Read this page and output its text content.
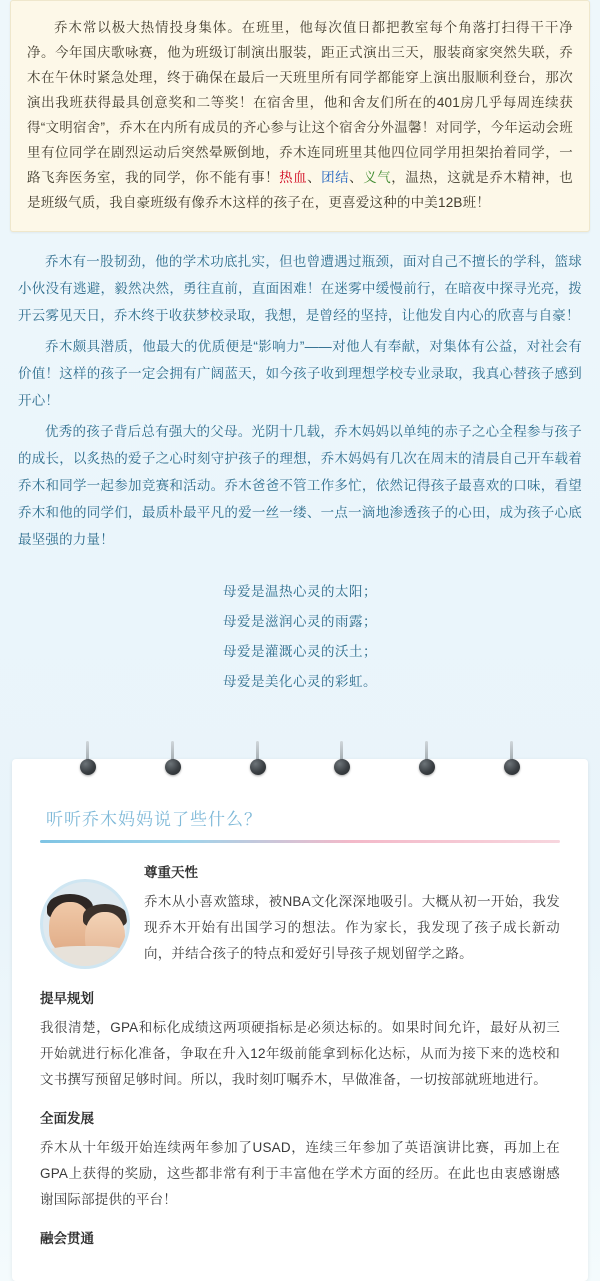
乔木常以极大热情投身集体。在班里，他每次值日都把教室每个角落打扫得干干净净。今年国庆歌咏赛，他为班级订制演出服装，距正式演出三天，服装商家突然失联，乔木在午休时紧急处理，终于确保在最后一天班里所有同学都能穿上演出服顺利登台，那次演出我班获得最具创意奖和二等奖！在宿舍里，他和舍友们所在的401房几乎每周连续获得“文明宿舍”，乔木在内所有成员的齐心参与让这个宿舍分外温馨！对同学，今年运动会班里有位同学在剧烈运动后突然晕厥倒地，乔木连同班里其他四位同学用担架抬着同学，一路飞奔医务室，我的同学，你不能有事！热血、团结、义气，温热，这就是乔木精神，也是班级气质，我自豪班级有像乔木这样的孩子在，更喜爱这种的中美12B班！

乔木有一股韧劲，他的学术功底扎实，但也曾遭遇过瓶颈，面对自己不擅长的学科，篮球小伙没有逃避，毅然决然，勇往直前，直面困难！在迷雾中缓慢前行，在暗夜中探寻光亮，拨开云雾见天日，乔木终于收获梦校录取，我想，是曾经的坚持，让他发自内心的欣喜与自豪！

乔木颇具潜质，他最大的优质便是“影响力”——对他人有奉献，对集体有公益，对社会有价值！这样的孩子一定会拥有广阔蓝天，如今孩子收到理想学校专业录取，我真心替孩子感到开心！

优秀的孩子背后总有强大的父母。光阴十几载，乔木妈妈以单纯的赤子之心全程参与孩子的成长，以炙热的爱子之心时刻守护孩子的理想，乔木妈妈有几次在周末的清晨自己开车载着乔木和同学一起参加竞赛和活动。乔木爸爸不管工作多忙，依然记得孩子最喜欢的口味，看望乔木和他的同学们，最质朴最平凡的爱一丝一缕、一点一滴地渗透孩子的心田，成为孩子心底最坚强的力量！

母爱是温热心灵的太阳；
母爱是滋润心灵的雨露；
母爱是灌溉心灵的沃土；
母爱是美化心灵的彩虹。
听听乔木妈妈说了些什么？
尊重天性

乔木从小喜欢篮球，被NBA文化深深地吸引。大概从初一开始，我发现乔木开始有出国学习的想法。作为家长，我发现了孩子成长新动向，并结合孩子的特点和爱好引导孩子规划留学之路。

提早规划

我很清楚，GPA和标化成绩这两项硬指标是必须达标的。如果时间允许，最好从初三开始就进行标化准备，争取在升入12年级前能拿到标化达标，从而为接下来的选校和文书撰写预留足够时间。所以，我时刻叮嘱乔木，早做准备，一切按部就班地进行。

全面发展

乔木从十年级开始连续两年参加了USAD，连续三年参加了英语演讲比赛，再加上在GPA上获得的奖励，这些都非常有利于丰富他在学术方面的经历。在此也由衷感谢感谢国际部提供的平台！

融会贯通
